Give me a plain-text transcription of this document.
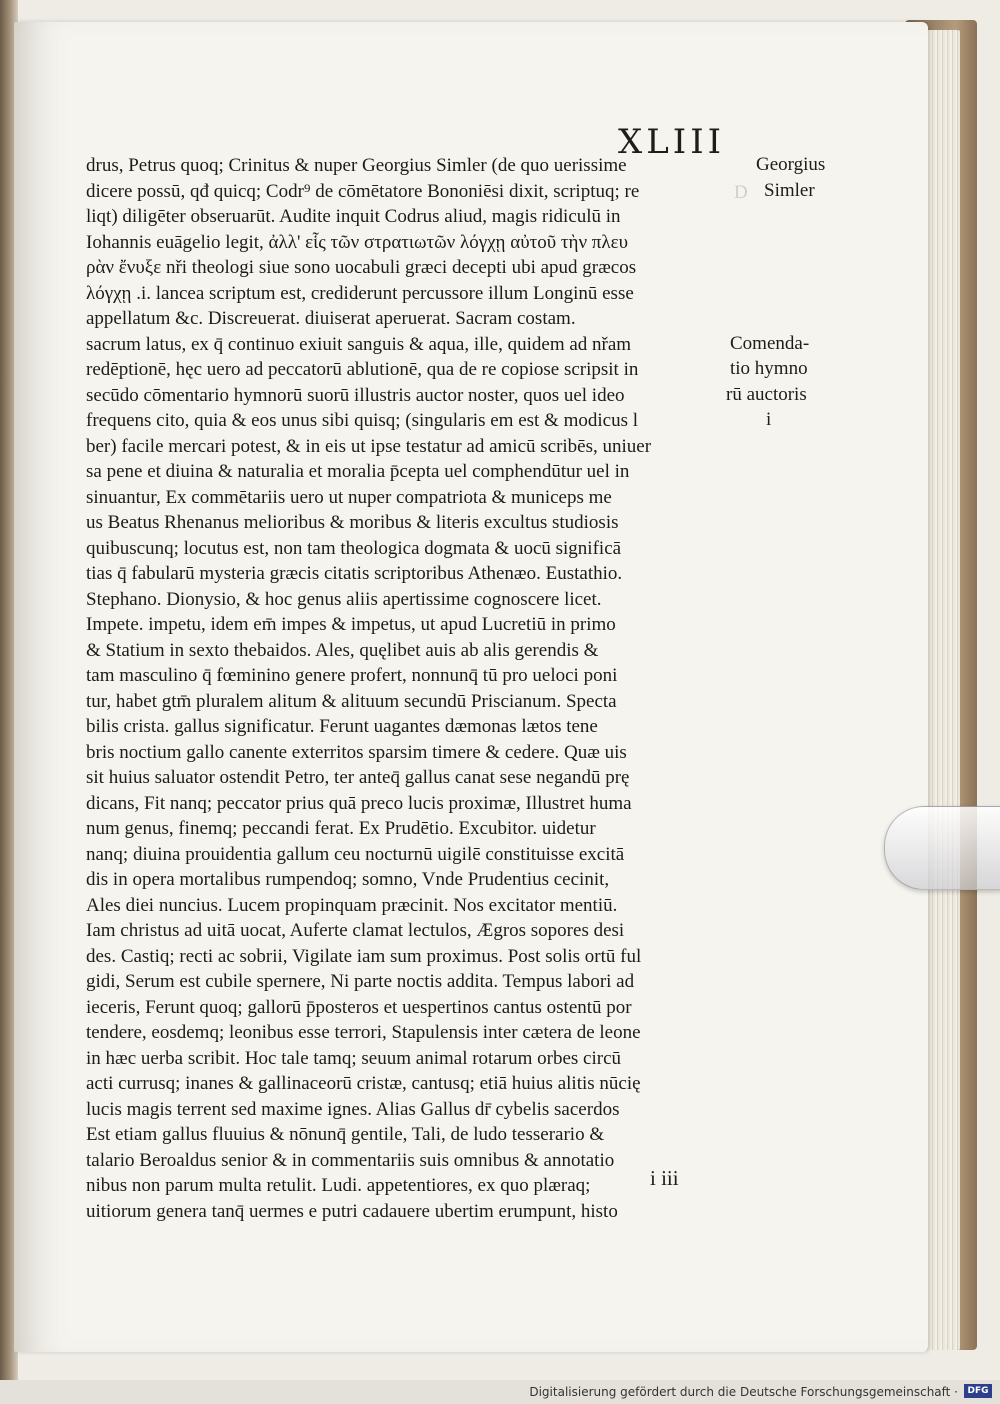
XLIII
D
drus, Petrus quoq; Crinitus & nuper Georgius Simler (de quo uerissime
dicere possū, qđ quicq; Codr⁹ de cōmētatore Bononiēsi dixit, scriptuq; re
liqt) diligēter obseruarūt. Audite inquit Codrus aliud, magis ridiculū in
Iohannis euāgelio legit, ἀλλ' εἷς τῶν στρατιωτῶν λόγχῃ αὐτοῦ τὴν πλευ
ρὰν ἔνυξε nři theologi siue sono uocabuli græci decepti ubi apud græcos
λόγχῃ .i. lancea scriptum est, crediderunt percussore illum Longinū esse
appellatum &c. Discreuerat. diuiserat aperuerat. Sacram costam.
sacrum latus, ex q̄ continuo exiuit sanguis & aqua, ille, quidem ad nřam
redēptionē, hęc uero ad peccatorū ablutionē, qua de re copiose scripsit in
secūdo cōmentario hymnorū suorū illustris auctor noster, quos uel ideo
frequens cito, quia & eos unus sibi quisq; (singularis em est & modicus l
ber) facile mercari potest, & in eis ut ipse testatur ad amicū scribēs, uniuer
sa pene et diuina & naturalia et moralia p̄cepta uel comphendūtur uel in
sinuantur, Ex commētariis uero ut nuper compatriota & municeps me
us Beatus Rhenanus melioribus & moribus & literis excultus studiosis
quibuscunq; locutus est, non tam theologica dogmata & uocū significā
tias q̄ fabularū mysteria græcis citatis scriptoribus Athenæo. Eustathio.
Stephano. Dionysio, & hoc genus aliis apertissime cognoscere licet.
Impete. impetu, idem em̄ impes & impetus, ut apud Lucretiū in primo
& Statium in sexto thebaidos. Ales, quęlibet auis ab alis gerendis &
tam masculino q̄ fœminino genere profert, nonnunq̄ tū pro ueloci poni
tur, habet gtm̄ pluralem alitum & alituum secundū Priscianum. Specta
bilis crista. gallus significatur. Ferunt uagantes dæmonas lætos tene
bris noctium gallo canente exterritos sparsim timere & cedere. Quæ uis
sit huius saluator ostendit Petro, ter anteq̄ gallus canat sese negandū prę
dicans, Fit nanq; peccator prius quā preco lucis proximæ, Illustret huma
num genus, finemq; peccandi ferat. Ex Prudētio. Excubitor. uidetur
nanq; diuina prouidentia gallum ceu nocturnū uigilē constituisse excitā
dis in opera mortalibus rumpendoq; somno, Vnde Prudentius cecinit,
Ales diei nuncius. Lucem propinquam præcinit. Nos excitator mentiū.
Iam christus ad uitā uocat, Auferte clamat lectulos, Ægros sopores desi
des. Castiq; recti ac sobrii, Vigilate iam sum proximus. Post solis ortū ful
gidi, Serum est cubile spernere, Ni parte noctis addita. Tempus labori ad
ieceris, Ferunt quoq; gallorū p̄posteros et uespertinos cantus ostentū por
tendere, eosdemq; leonibus esse terrori, Stapulensis inter cætera de leone
in hæc uerba scribit. Hoc tale tamq; seuum animal rotarum orbes circū
acti currusq; inanes & gallinaceorū cristæ, cantusq; etiā huius alitis nūcię
lucis magis terrent sed maxime ignes. Alias Gallus dr̄ cybelis sacerdos
Est etiam gallus fluuius & nōnunq̄ gentile, Tali, de ludo tesserario &
talario Beroaldus senior & in commentariis suis omnibus & annotatio
nibus non parum multa retulit. Ludi. appetentiores, ex quo plæraq;
uitiorum genera tanq̄ uermes e putri cadauere ubertim erumpunt, histo
Georgius
Simler
Comenda-
tio hymno
rū auctoris
i
i iii
Digitalisierung gefördert durch die Deutsche Forschungsgemeinschaft ·	DFG
